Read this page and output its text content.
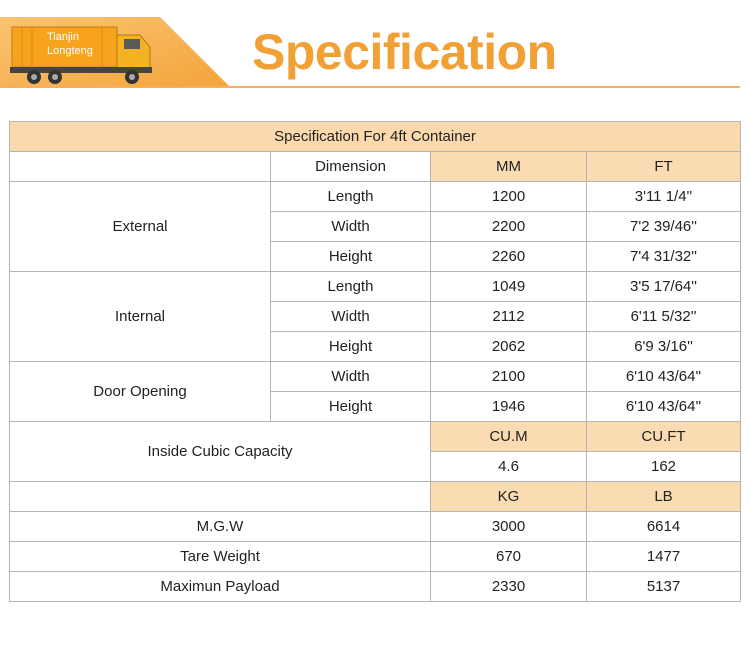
Tianjin
Longteng	Specification
Specification For 4ft Container			
	Dimension	MM	FT
External	Length	1200	3'11 1/4''
	Width	2200	7'2 39/46''
	Height	2260	7'4 31/32''
Internal	Length	1049	3'5 17/64''
	Width	2112	6'11 5/32''
	Height	2062	6'9 3/16''
Door Opening	Width	2100	6'10 43/64''
	Height	1946	6'10 43/64''
Inside Cubic Capacity		CU.M	CU.FT
		4.6	162
		KG	LB
M.G.W		3000	6614
Tare Weight		670	1477
Maximun Payload		2330	5137
